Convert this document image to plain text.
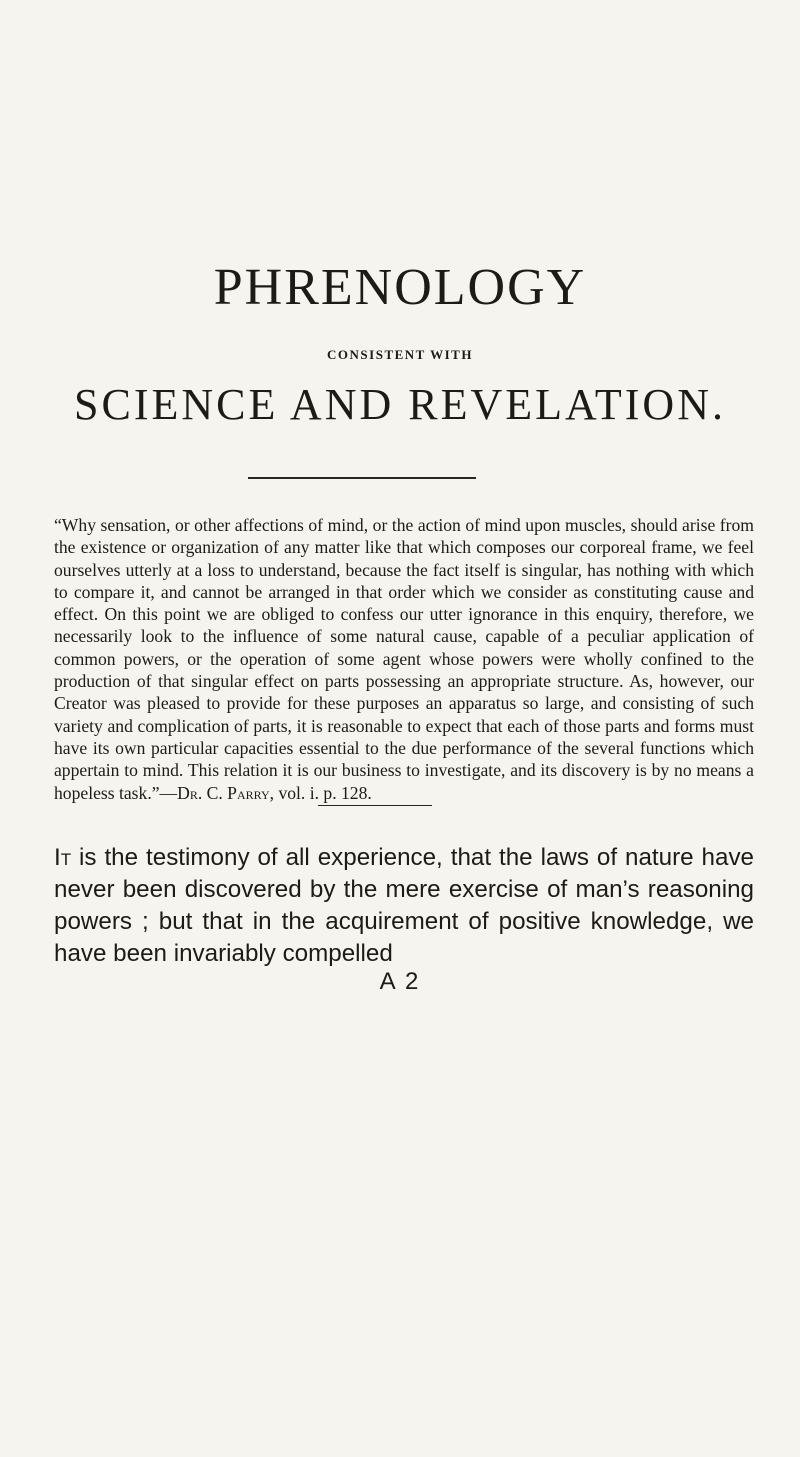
PHRENOLOGY

CONSISTENT WITH

SCIENCE AND REVELATION.

“Why sensation, or other affections of mind, or the action of mind upon muscles, should arise from the existence or organization of any matter like that which composes our corporeal frame, we feel ourselves utterly at a loss to understand, because the fact itself is singular, has nothing with which to compare it, and cannot be arranged in that order which we consider as constituting cause and effect. On this point we are obliged to confess our utter ignorance in this enquiry, therefore, we necessarily look to the influence of some natural cause, capable of a peculiar application of common powers, or the operation of some agent whose powers were wholly confined to the production of that singular effect on parts possessing an appropriate structure. As, however, our Creator was pleased to provide for these purposes an apparatus so large, and consisting of such variety and complication of parts, it is reasonable to expect that each of those parts and forms must have its own particular capacities essential to the due performance of the several functions which appertain to mind. This relation it is our business to investigate, and its discovery is by no means a hopeless task.”—Dr. C. Parry, vol. i. p. 128.

It is the testimony of all experience, that the laws of nature have never been discovered by the mere exercise of man’s reasoning powers ; but that in the acquirement of positive knowledge, we have been invariably compelled

A 2
